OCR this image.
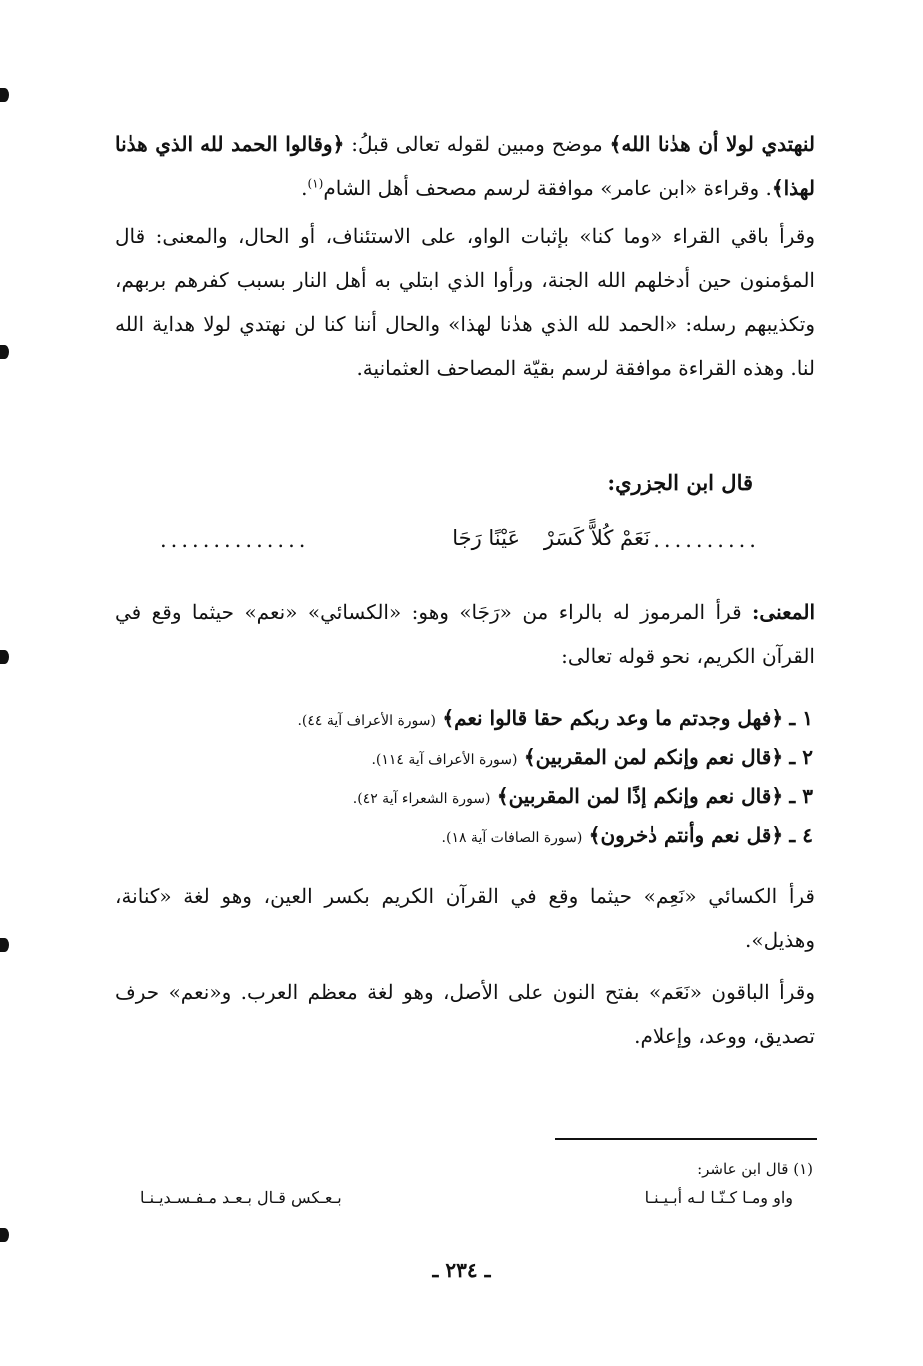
لنهتدي لولا أن هدٰنا الله﴾ موضح ومبين لقوله تعالى قبلُ: ﴿وقالوا الحمد لله الذي هدٰنا لهذا﴾. وقراءة «ابن عامر» موافقة لرسم مصحف أهل الشام$^{(١)}$.
وقرأ باقي القراء «وما كنا» بإثبات الواو، على الاستئناف، أو الحال، والمعنى: قال المؤمنون حين أدخلهم الله الجنة، ورأوا الذي ابتلي به أهل النار بسبب كفرهم بربهم، وتكذيبهم رسله: «الحمد لله الذي هدٰنا لهذا» والحال أننا كنا لن نهتدي لولا هداية الله لنا. وهذه القراءة موافقة لرسم بقيّة المصاحف العثمانية.
قال ابن الجزري:
..........
نَعَمْ كُلاًّ كَسَرْ
عَيْنًا رَجَا
..............
المعنى: قرأ المرموز له بالراء من «رَجَا» وهو: «الكسائي» «نعم» حيثما وقع في القرآن الكريم، نحو قوله تعالى:
١ ـ ﴿فهل وجدتم ما وعد ربكم حقا قالوا نعم﴾ (سورة الأعراف آية ٤٤).
٢ ـ ﴿قال نعم وإنكم لمن المقربين﴾ (سورة الأعراف آية ١١٤).
٣ ـ ﴿قال نعم وإنكم إذًا لمن المقربين﴾ (سورة الشعراء آية ٤٢).
٤ ـ ﴿قل نعم وأنتم دٰخرون﴾ (سورة الصافات آية ١٨).
قرأ الكسائي «نَعِم» حيثما وقع في القرآن الكريم بكسر العين، وهو لغة «كنانة، وهذيل».
وقرأ الباقون «نَعَم» بفتح النون على الأصل، وهو لغة معظم العرب. و«نعم» حرف تصديق، ووعد، وإعلام.
(١) قال ابن عاشر:
واو ومـا كـنّـا لـه أبـيـنـا
بـعـكس قـال بـعـد مـفـسـديـنـا
ـ ٢٣٤ ـ
